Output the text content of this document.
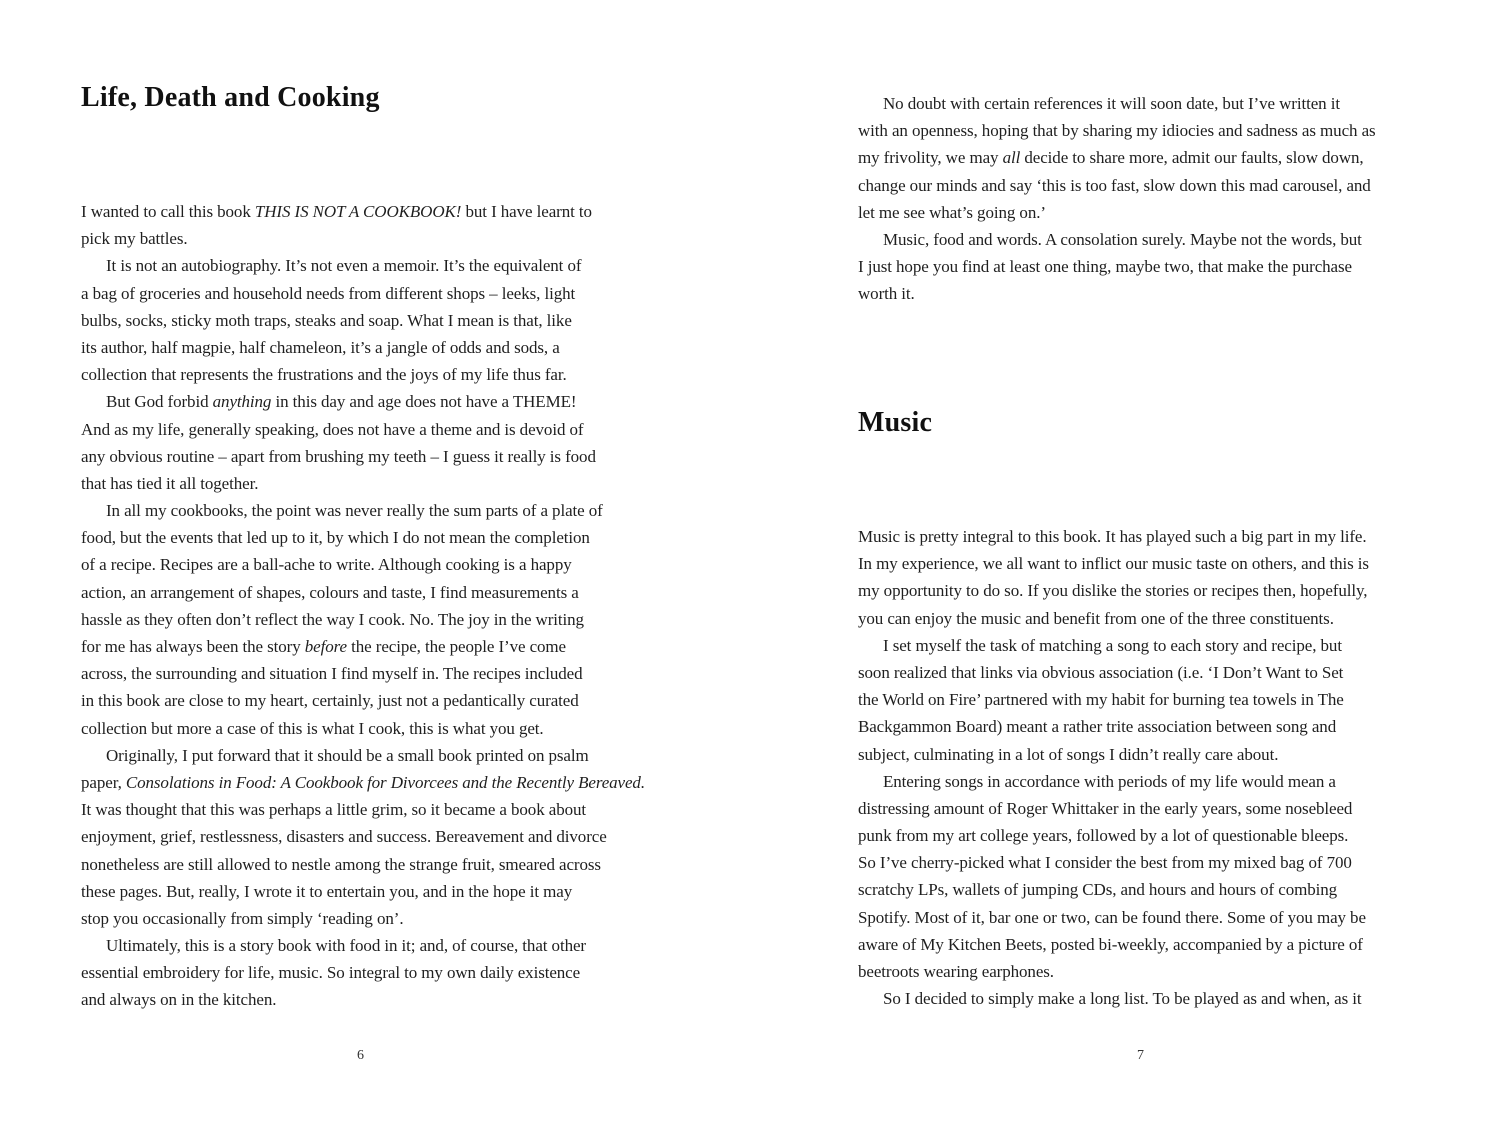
Life, Death and Cooking
I wanted to call this book THIS IS NOT A COOKBOOK! but I have learnt to
pick my battles.
It is not an autobiography. It’s not even a memoir. It’s the equivalent of
a bag of groceries and household needs from different shops – leeks, light
bulbs, socks, sticky moth traps, steaks and soap. What I mean is that, like
its author, half magpie, half chameleon, it’s a jangle of odds and sods, a
collection that represents the frustrations and the joys of my life thus far.
But God forbid anything in this day and age does not have a THEME!
And as my life, generally speaking, does not have a theme and is devoid of
any obvious routine – apart from brushing my teeth – I guess it really is food
that has tied it all together.
In all my cookbooks, the point was never really the sum parts of a plate of
food, but the events that led up to it, by which I do not mean the completion
of a recipe. Recipes are a ball-ache to write. Although cooking is a happy
action, an arrangement of shapes, colours and taste, I find measurements a
hassle as they often don’t reflect the way I cook. No. The joy in the writing
for me has always been the story before the recipe, the people I’ve come
across, the surrounding and situation I find myself in. The recipes included
in this book are close to my heart, certainly, just not a pedantically curated
collection but more a case of this is what I cook, this is what you get.
Originally, I put forward that it should be a small book printed on psalm
paper, Consolations in Food: A Cookbook for Divorcees and the Recently Bereaved.
It was thought that this was perhaps a little grim, so it became a book about
enjoyment, grief, restlessness, disasters and success. Bereavement and divorce
nonetheless are still allowed to nestle among the strange fruit, smeared across
these pages. But, really, I wrote it to entertain you, and in the hope it may
stop you occasionally from simply ‘reading on’.
Ultimately, this is a story book with food in it; and, of course, that other
essential embroidery for life, music. So integral to my own daily existence
and always on in the kitchen.
6
No doubt with certain references it will soon date, but I’ve written it
with an openness, hoping that by sharing my idiocies and sadness as much as
my frivolity, we may all decide to share more, admit our faults, slow down,
change our minds and say ‘this is too fast, slow down this mad carousel, and
let me see what’s going on.’
Music, food and words. A consolation surely. Maybe not the words, but
I just hope you find at least one thing, maybe two, that make the purchase
worth it.
Music
Music is pretty integral to this book. It has played such a big part in my life.
In my experience, we all want to inflict our music taste on others, and this is
my opportunity to do so. If you dislike the stories or recipes then, hopefully,
you can enjoy the music and benefit from one of the three constituents.
I set myself the task of matching a song to each story and recipe, but
soon realized that links via obvious association (i.e. ‘I Don’t Want to Set
the World on Fire’ partnered with my habit for burning tea towels in The
Backgammon Board) meant a rather trite association between song and
subject, culminating in a lot of songs I didn’t really care about.
Entering songs in accordance with periods of my life would mean a
distressing amount of Roger Whittaker in the early years, some nosebleed
punk from my art college years, followed by a lot of questionable bleeps.
So I’ve cherry-picked what I consider the best from my mixed bag of 700
scratchy LPs, wallets of jumping CDs, and hours and hours of combing
Spotify. Most of it, bar one or two, can be found there. Some of you may be
aware of My Kitchen Beets, posted bi-weekly, accompanied by a picture of
beetroots wearing earphones.
So I decided to simply make a long list. To be played as and when, as it
7
